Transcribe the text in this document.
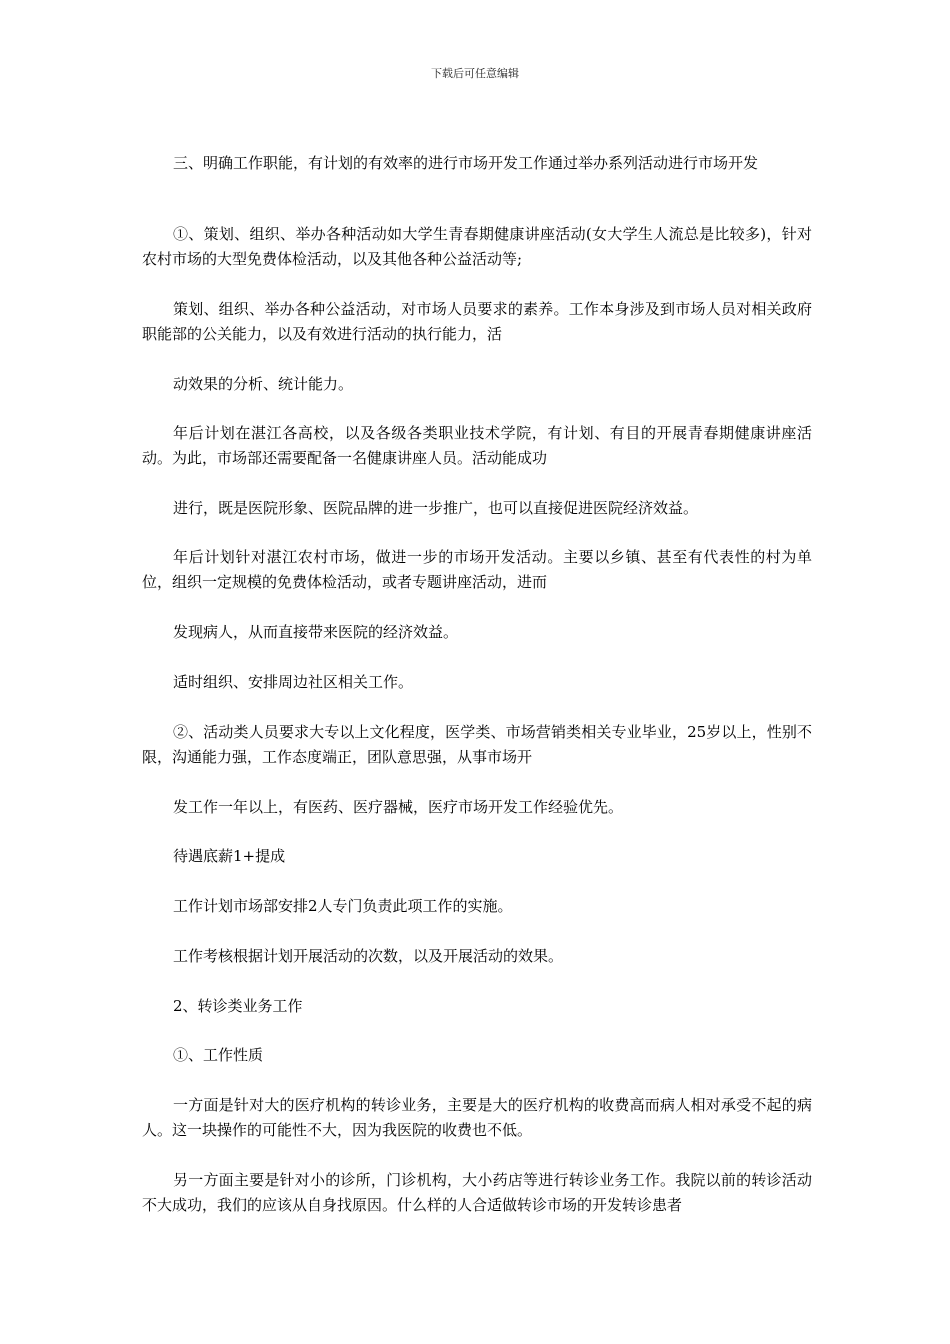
下载后可任意编辑

三、明确工作职能，有计划的有效率的进行市场开发工作通过举办系列活动进行市场开发

①、策划、组织、举办各种活动如大学生青春期健康讲座活动(女大学生人流总是比较多)，针对农村市场的大型免费体检活动，以及其他各种公益活动等;

策划、组织、举办各种公益活动，对市场人员要求的素养。工作本身涉及到市场人员对相关政府职能部的公关能力，以及有效进行活动的执行能力，活

动效果的分析、统计能力。

年后计划在湛江各高校，以及各级各类职业技术学院，有计划、有目的开展青春期健康讲座活动。为此，市场部还需要配备一名健康讲座人员。活动能成功

进行，既是医院形象、医院品牌的进一步推广，也可以直接促进医院经济效益。

年后计划针对湛江农村市场，做进一步的市场开发活动。主要以乡镇、甚至有代表性的村为单位，组织一定规模的免费体检活动，或者专题讲座活动，进而

发现病人，从而直接带来医院的经济效益。

适时组织、安排周边社区相关工作。

②、活动类人员要求大专以上文化程度，医学类、市场营销类相关专业毕业，25岁以上，性别不限，沟通能力强，工作态度端正，团队意思强，从事市场开

发工作一年以上，有医药、医疗器械，医疗市场开发工作经验优先。

待遇底薪1+提成

工作计划市场部安排2人专门负责此项工作的实施。

工作考核根据计划开展活动的次数，以及开展活动的效果。

2、转诊类业务工作

①、工作性质

一方面是针对大的医疗机构的转诊业务，主要是大的医疗机构的收费高而病人相对承受不起的病人。这一块操作的可能性不大，因为我医院的收费也不低。

另一方面主要是针对小的诊所，门诊机构，大小药店等进行转诊业务工作。我院以前的转诊活动不大成功，我们的应该从自身找原因。什么样的人合适做转诊市场的开发转诊患者
